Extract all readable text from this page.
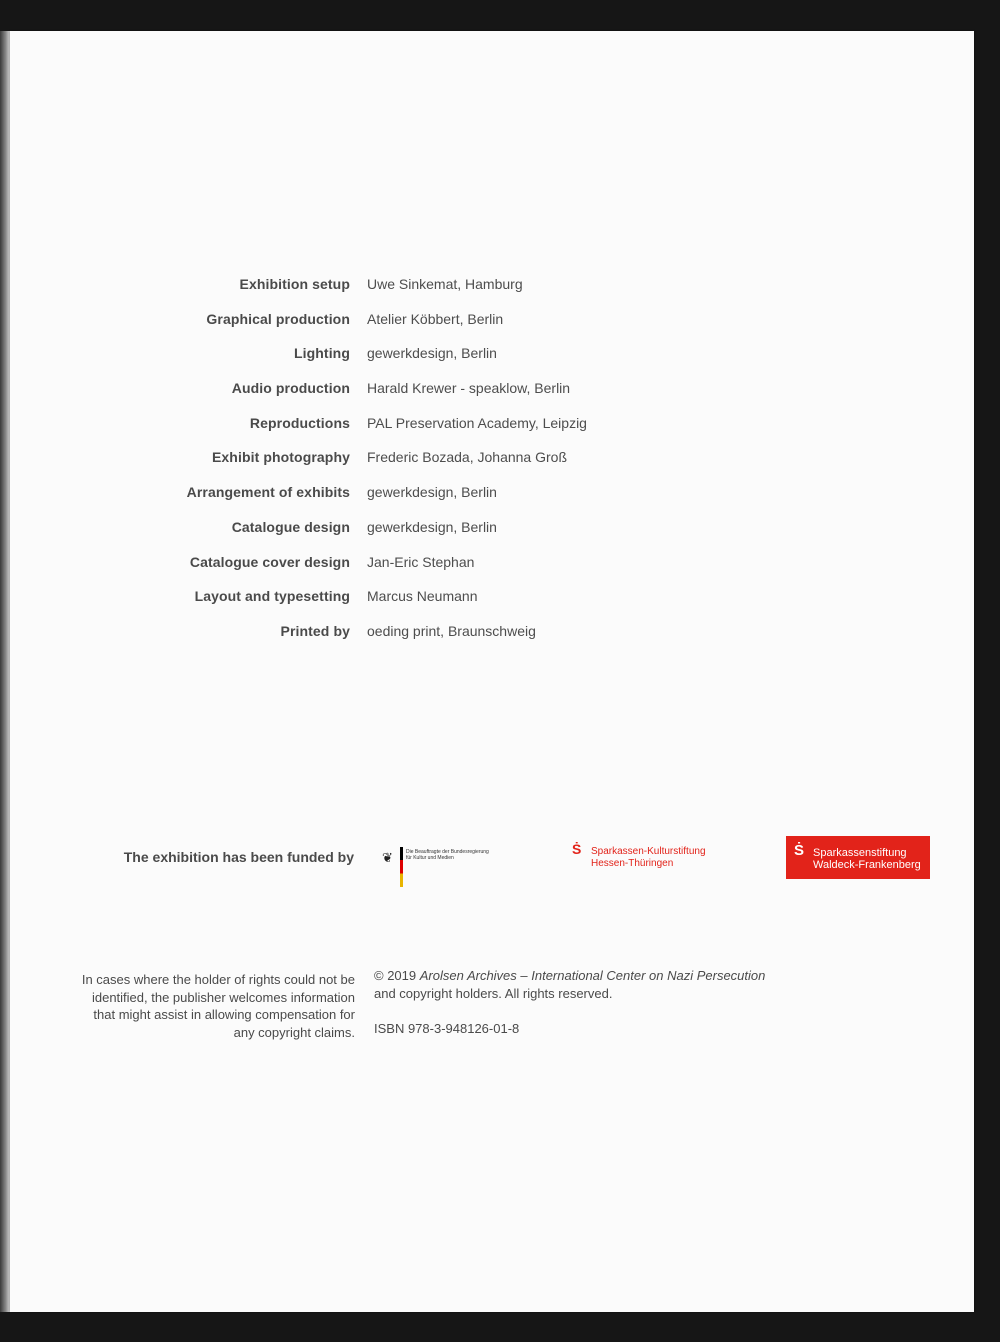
Exhibition setup Uwe Sinkemat, Hamburg
Graphical production Atelier Köbbert, Berlin
Lighting gewerkdesign, Berlin
Audio production Harald Krewer - speaklow, Berlin
Reproductions PAL Preservation Academy, Leipzig
Exhibit photography Frederic Bozada, Johanna Groß
Arrangement of exhibits gewerkdesign, Berlin
Catalogue design gewerkdesign, Berlin
Catalogue cover design Jan-Eric Stephan
Layout and typesetting Marcus Neumann
Printed by oeding print, Braunschweig
The exhibition has been funded by ❦	Die Beauftragte der Bundesregierung
für Kultur und Medien
Ṡ Sparkassen-Kulturstiftung
Hessen-Thüringen
Ṡ Sparkassenstiftung
Waldeck-Frankenberg
In cases where the holder of rights could not be identified, the publisher welcomes information that might assist in allowing compensation for any copyright claims.
© 2019 Arolsen Archives – International Center on Nazi Persecution
and copyright holders. All rights reserved.
ISBN 978-3-948126-01-8
